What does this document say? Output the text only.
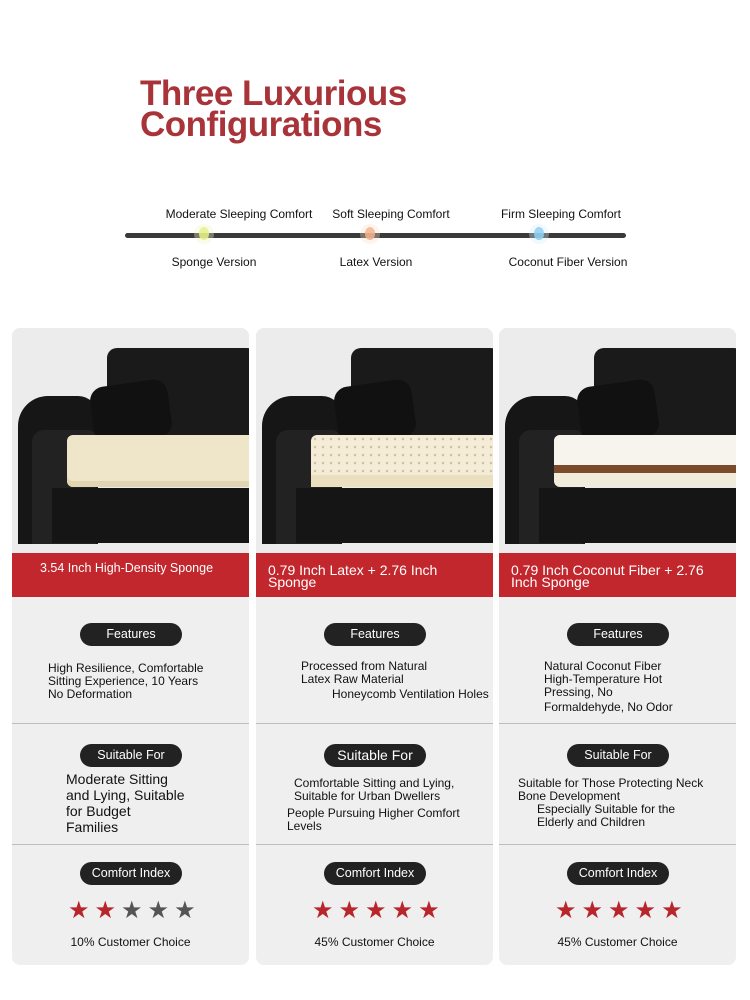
Three Luxurious
Configurations
Moderate Sleeping Comfort Soft Sleeping Comfort	Firm Sleeping Comfort
Sponge Version	Latex Version	Coconut Fiber Version
3.54 Inch High-Density Sponge
Features
High Resilience, Comfortable
Sitting Experience, 10 Years
No Deformation
Suitable For
Moderate Sitting
and Lying, Suitable
for Budget
Families
Comfort Index
★ ★ ★ ★ ★
10% Customer Choice
0.79 Inch Latex + 2.76 Inch Sponge
Features
Processed from Natural
Latex Raw Material
Honeycomb Ventilation Holes
Suitable For
Comfortable Sitting and Lying,
Suitable for Urban Dwellers
People Pursuing Higher Comfort Levels
Comfort Index
★ ★ ★ ★ ★
45% Customer Choice
0.79 Inch Coconut Fiber + 2.76 Inch Sponge
Features
Natural Coconut Fiber
High-Temperature Hot
Pressing, No
Formaldehyde, No Odor
Suitable For
Suitable for Those Protecting Neck
Bone Development
Especially Suitable for the
Elderly and Children
Comfort Index
★ ★ ★ ★ ★
45% Customer Choice
